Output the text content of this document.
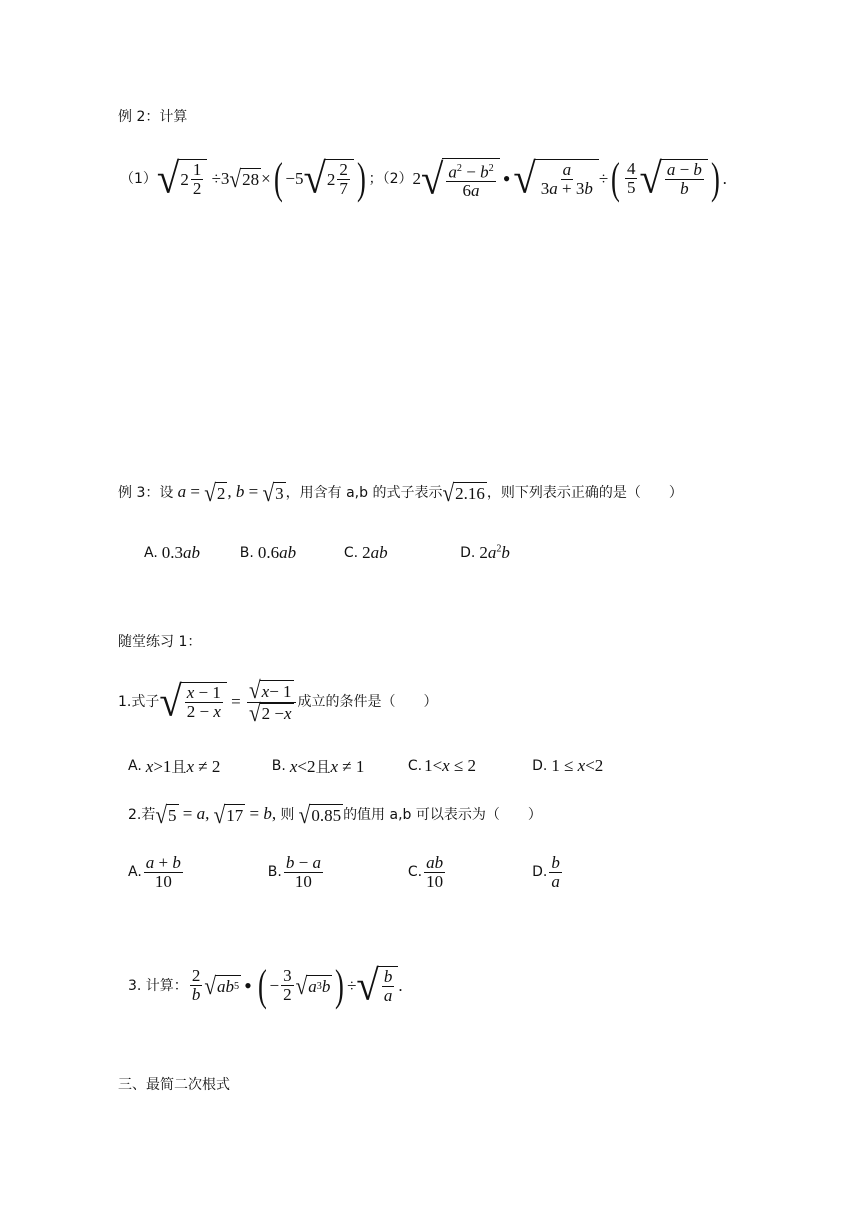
例 2：计算
（1） √ $2 \frac{1}{2} \div 3$ √ 28 × ( −5 √ $2 \frac{2}{7}$ ) ；（2） 2 √ $\frac{a^2 - b^2}{6a}$ • √ $\frac{a}{3a + 3b}$ ÷ ( $\frac{4}{5}$ √ $\frac{a - b}{b}$ ) .
例 3：设 a = √ 2 , b = √ 3 ，用含有 a,b 的式子表示 √ 2.16 ，则下列表示正确的是（　　）
A. 0.3ab	B. 0.6ab	C. 2ab	D. $2a^2b$
随堂练习 1：
1.式子 √ $\frac{x - 1}{2 - x} = \frac{√ x - 1}{√ 2 - x}$ 成立的条件是（　　）
A. x>1且x ≠ 2	B. x<2且x ≠ 1	C. 1<x ≤ 2	D. 1 ≤ x<2
2.若 √ 5 = a, √ 17 = b, 则 √ 0.85 的值用 a,b 可以表示为（　　）
A. $\frac{a + b}{10}$	B. $\frac{b - a}{10}$	C. $\frac{ab}{10}$	D. $\frac{b}{a}$
3. 计算： $\frac{2}{b}$ √ ab 5 • ( − $\frac{3}{2}$ √ a 3 b ) ÷ √ $\frac{b}{a}$ .
三、最简二次根式
